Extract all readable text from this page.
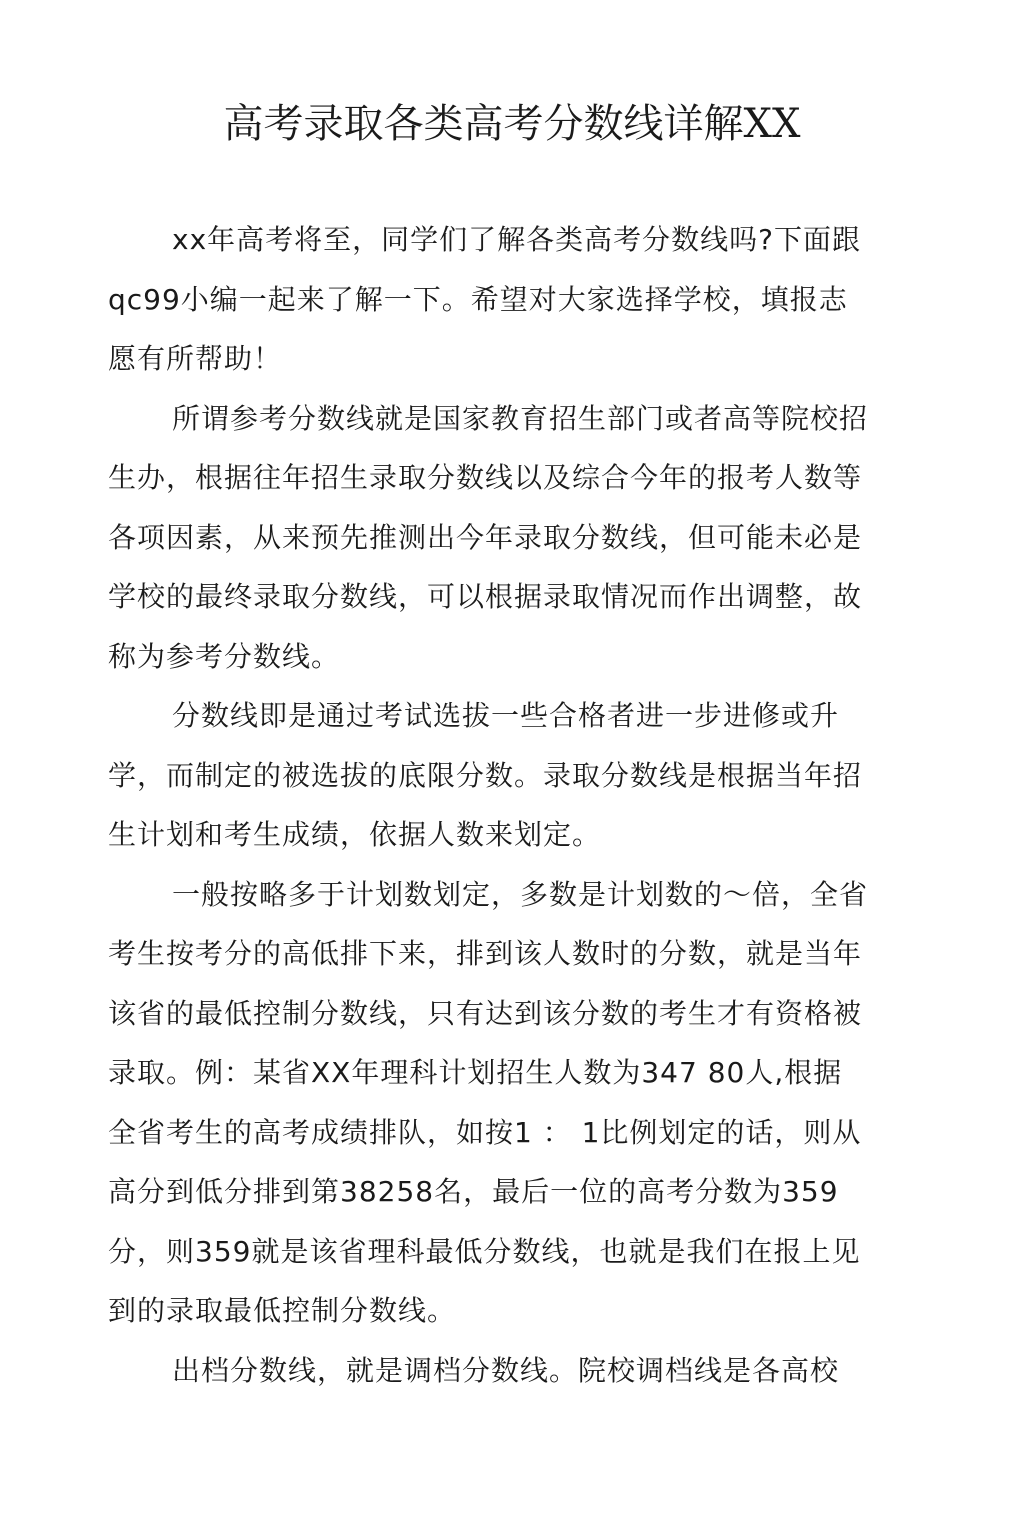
高考录取各类高考分数线详解XX

xx年高考将至，同学们了解各类高考分数线吗?下面跟qc99小编一起来了解一下。希望对大家选择学校，填报志愿有所帮助！

所谓参考分数线就是国家教育招生部门或者高等院校招生办，根据往年招生录取分数线以及综合今年的报考人数等各项因素，从来预先推测出今年录取分数线，但可能未必是学校的最终录取分数线，可以根据录取情况而作出调整，故称为参考分数线。

分数线即是通过考试选拔一些合格者进一步进修或升学，而制定的被选拔的底限分数。录取分数线是根据当年招生计划和考生成绩，依据人数来划定。

一般按略多于计划数划定，多数是计划数的～倍，全省考生按考分的高低排下来，排到该人数时的分数，就是当年该省的最低控制分数线，只有达到该分数的考生才有资格被录取。例：某省XX年理科计划招生人数为347 80人,根据全省考生的高考成绩排队，如按1 ： 1比例划定的话，则从高分到低分排到第38258名，最后一位的高考分数为359分，则359就是该省理科最低分数线，也就是我们在报上见到的录取最低控制分数线。

出档分数线，就是调档分数线。院校调档线是各高校
